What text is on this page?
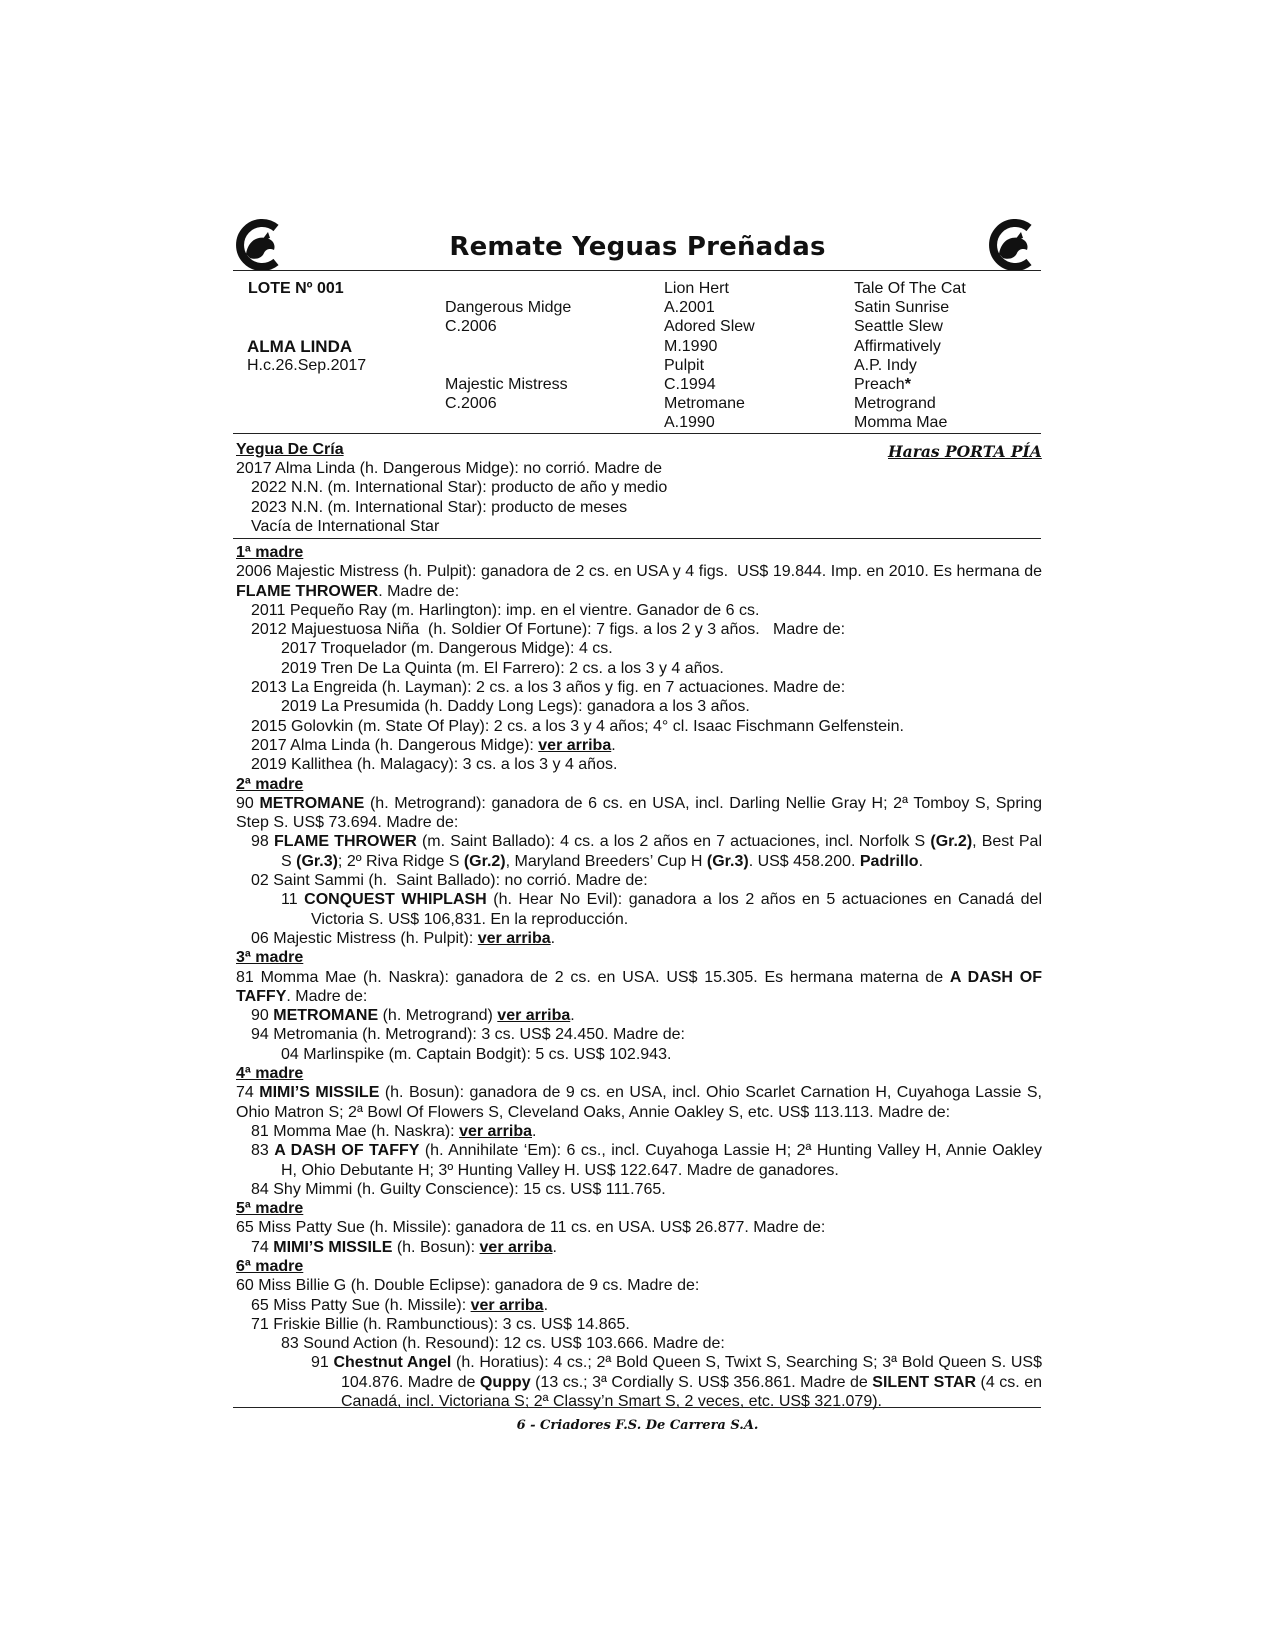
Remate Yeguas Preñadas
LOTE Nº 001
ALMA LINDA
H.c.26.Sep.2017
Dangerous Midge
C.2006
Majestic Mistress
C.2006
Lion Hert
A.2001
Adored Slew
M.1990
Pulpit
C.1994
Metromane
A.1990
Tale Of The Cat
Satin Sunrise
Seattle Slew
Affirmatively
A.P. Indy
Preach*
Metrogrand
Momma Mae
Yegua De Cría	Haras PORTA PÍA

2017 Alma Linda (h. Dangerous Midge): no corrió. Madre de

2022 N.N. (m. International Star): producto de año y medio

2023 N.N. (m. International Star): producto de meses

Vacía de International Star

1ª madre

2006 Majestic Mistress (h. Pulpit): ganadora de 2 cs. en USA y 4 figs.  US$ 19.844. Imp. en 2010. Es hermana de FLAME THROWER. Madre de:

2011 Pequeño Ray (m. Harlington): imp. en el vientre. Ganador de 6 cs.

2012 Majuestuosa Niña  (h. Soldier Of Fortune): 7 figs. a los 2 y 3 años.   Madre de:

2017 Troquelador (m. Dangerous Midge): 4 cs.

2019 Tren De La Quinta (m. El Farrero): 2 cs. a los 3 y 4 años.

2013 La Engreida (h. Layman): 2 cs. a los 3 años y fig. en 7 actuaciones. Madre de:

2019 La Presumida (h. Daddy Long Legs): ganadora a los 3 años.

2015 Golovkin (m. State Of Play): 2 cs. a los 3 y 4 años; 4° cl. Isaac Fischmann Gelfenstein.

2017 Alma Linda (h. Dangerous Midge): ver arriba.

2019 Kallithea (h. Malagacy): 3 cs. a los 3 y 4 años.

2ª madre

90 METROMANE (h. Metrogrand): ganadora de 6 cs. en USA, incl. Darling Nellie Gray H; 2ª Tomboy S, Spring Step S. US$ 73.694. Madre de:

98 FLAME THROWER (m. Saint Ballado): 4 cs. a los 2 años en 7 actuaciones, incl. Norfolk S (Gr.2), Best Pal S (Gr.3); 2º Riva Ridge S (Gr.2), Maryland Breeders’ Cup H (Gr.3). US$ 458.200. Padrillo.

02 Saint Sammi (h.  Saint Ballado): no corrió. Madre de:

11 CONQUEST WHIPLASH (h. Hear No Evil): ganadora a los 2 años en 5 actuaciones en Canadá del Victoria S. US$ 106,831. En la reproducción.

06 Majestic Mistress (h. Pulpit): ver arriba.

3ª madre

81 Momma Mae (h. Naskra): ganadora de 2 cs. en USA. US$ 15.305. Es hermana materna de A DASH OF TAFFY. Madre de:

90 METROMANE (h. Metrogrand) ver arriba.

94 Metromania (h. Metrogrand): 3 cs. US$ 24.450. Madre de:

04 Marlinspike (m. Captain Bodgit): 5 cs. US$ 102.943.

4ª madre

74 MIMI’S MISSILE (h. Bosun): ganadora de 9 cs. en USA, incl. Ohio Scarlet Carnation H, Cuyahoga Lassie S, Ohio Matron S; 2ª Bowl Of Flowers S, Cleveland Oaks, Annie Oakley S, etc. US$ 113.113. Madre de:

81 Momma Mae (h. Naskra): ver arriba.

83 A DASH OF TAFFY (h. Annihilate ‘Em): 6 cs., incl. Cuyahoga Lassie H; 2ª Hunting Valley H, Annie Oakley H, Ohio Debutante H; 3º Hunting Valley H. US$ 122.647. Madre de ganadores.

84 Shy Mimmi (h. Guilty Conscience): 15 cs. US$ 111.765.

5ª madre

65 Miss Patty Sue (h. Missile): ganadora de 11 cs. en USA. US$ 26.877. Madre de:

74 MIMI’S MISSILE (h. Bosun): ver arriba.

6ª madre

60 Miss Billie G (h. Double Eclipse): ganadora de 9 cs. Madre de:

65 Miss Patty Sue (h. Missile): ver arriba.

71 Friskie Billie (h. Rambunctious): 3 cs. US$ 14.865.

83 Sound Action (h. Resound): 12 cs. US$ 103.666. Madre de:

91 Chestnut Angel (h. Horatius): 4 cs.; 2ª Bold Queen S, Twixt S, Searching S; 3ª Bold Queen S. US$ 104.876. Madre de Quppy (13 cs.; 3ª Cordially S. US$ 356.861. Madre de SILENT STAR (4 cs. en Canadá, incl. Victoriana S; 2ª Classy’n Smart S, 2 veces, etc. US$ 321.079).

6 - Criadores F.S. De Carrera S.A.
